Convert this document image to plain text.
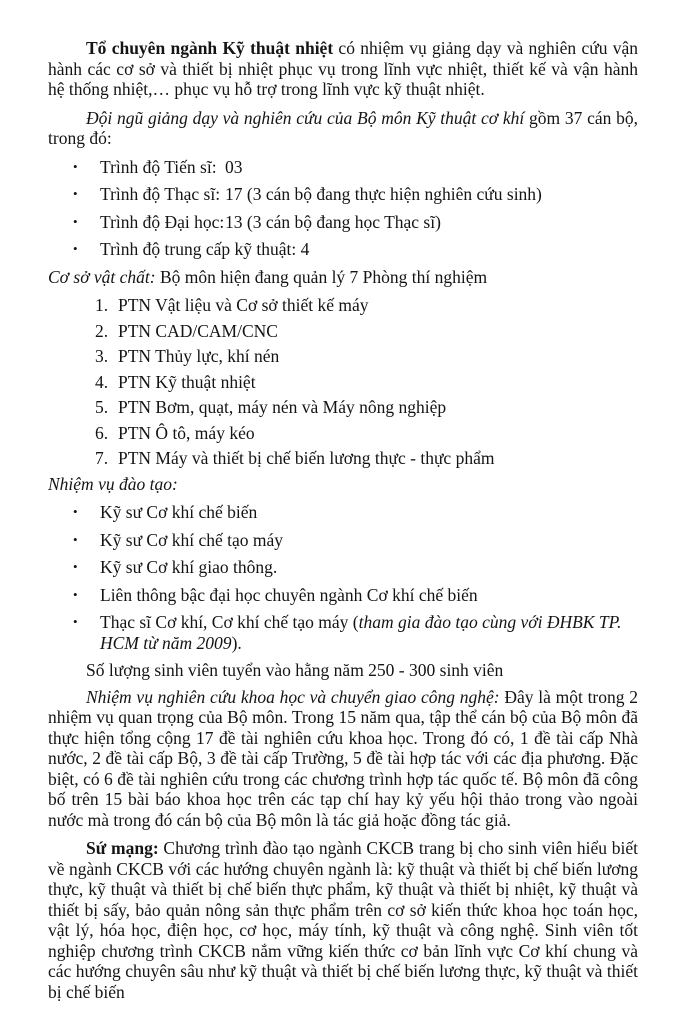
Tổ chuyên ngành Kỹ thuật nhiệt có nhiệm vụ giảng dạy và nghiên cứu vận hành các cơ sở và thiết bị nhiệt phục vụ trong lĩnh vực nhiệt, thiết kế và vận hành hệ thống nhiệt,… phục vụ hỗ trợ trong lĩnh vực kỹ thuật nhiệt.

Đội ngũ giảng dạy và nghiên cứu của Bộ môn Kỹ thuật cơ khí gồm 37 cán bộ, trong đó:

•	Trình độ Tiến sĩ: 03
•	Trình độ Thạc sĩ: 17 (3 cán bộ đang thực hiện nghiên cứu sinh)
•	Trình độ Đại học:13 (3 cán bộ đang học Thạc sĩ)
•	Trình độ trung cấp kỹ thuật: 4

Cơ sở vật chất: Bộ môn hiện đang quản lý 7 Phòng thí nghiệm

1. PTN Vật liệu và Cơ sở thiết kế máy
2. PTN CAD/CAM/CNC
3. PTN Thủy lực, khí nén
4. PTN Kỹ thuật nhiệt
5. PTN Bơm, quạt, máy nén và Máy nông nghiệp
6. PTN Ô tô, máy kéo
7. PTN Máy và thiết bị chế biến lương thực - thực phẩm

Nhiệm vụ đào tạo:

•	Kỹ sư Cơ khí chế biến
•	Kỹ sư Cơ khí chế tạo máy
•	Kỹ sư Cơ khí giao thông.
•	Liên thông bậc đại học chuyên ngành Cơ khí chế biến
•	Thạc sĩ Cơ khí, Cơ khí chế tạo máy (tham gia đào tạo cùng với ĐHBK TP. HCM từ năm 2009).

Số lượng sinh viên tuyển vào hằng năm 250 - 300 sinh viên

Nhiệm vụ nghiên cứu khoa học và chuyển giao công nghệ: Đây là một trong 2 nhiệm vụ quan trọng của Bộ môn. Trong 15 năm qua, tập thể cán bộ của Bộ môn đã thực hiện tổng cộng 17 đề tài nghiên cứu khoa học. Trong đó có, 1 đề tài cấp Nhà nước, 2 đề tài cấp Bộ, 3 đề tài cấp Trường, 5 đề tài hợp tác với các địa phương. Đặc biệt, có 6 đề tài nghiên cứu trong các chương trình hợp tác quốc tế. Bộ môn đã công bố trên 15 bài báo khoa học trên các tạp chí hay kỷ yếu hội thảo trong vào ngoài nước mà trong đó cán bộ của Bộ môn là tác giả hoặc đồng tác giả.

Sứ mạng: Chương trình đào tạo ngành CKCB trang bị cho sinh viên hiểu biết về ngành CKCB với các hướng chuyên ngành là: kỹ thuật và thiết bị chế biến lương thực, kỹ thuật và thiết bị chế biến thực phẩm, kỹ thuật và thiết bị nhiệt, kỹ thuật và thiết bị sấy, bảo quản nông sản thực phẩm trên cơ sở kiến thức khoa học toán học, vật lý, hóa học, điện học, cơ học, máy tính, kỹ thuật và công nghệ. Sinh viên tốt nghiệp chương trình CKCB nắm vững kiến thức cơ bản lĩnh vực Cơ khí chung và các hướng chuyên sâu như kỹ thuật và thiết bị chế biến lương thực, kỹ thuật và thiết bị chế biến
